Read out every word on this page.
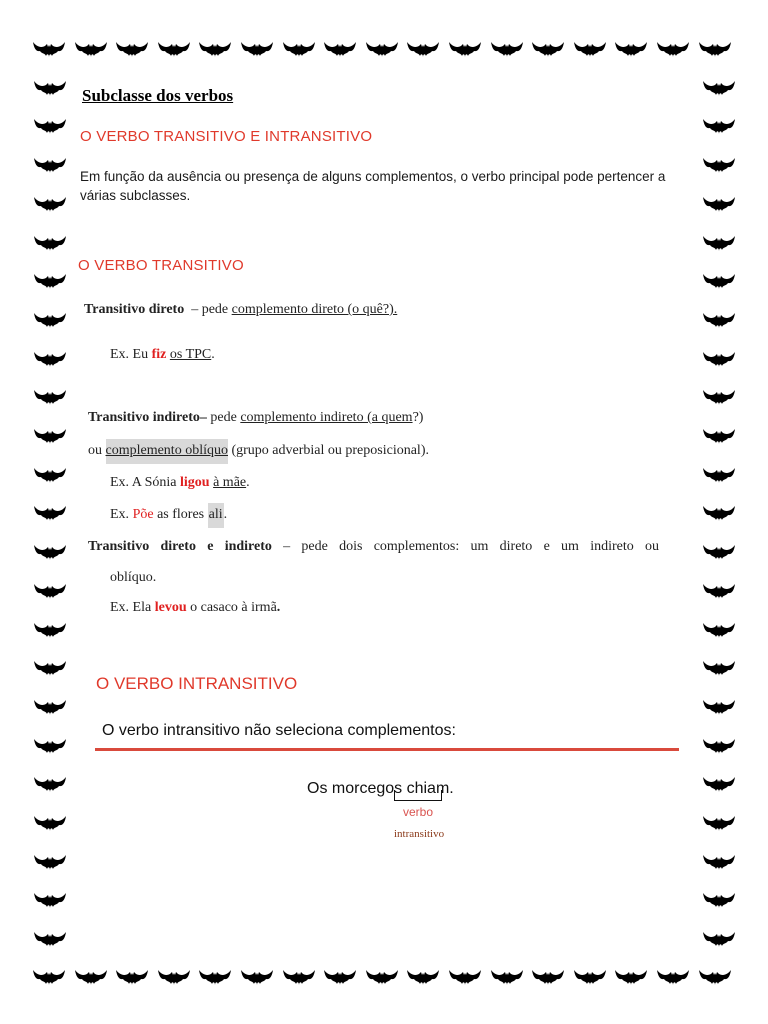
Subclasse dos verbos
O VERBO TRANSITIVO E INTRANSITIVO
Em função da ausência ou presença de alguns complementos, o verbo principal pode pertencer a várias subclasses.
O VERBO TRANSITIVO
Transitivo direto – pede complemento direto (o quê?).
Ex. Eu fiz os TPC.
Transitivo indireto– pede complemento indireto (a quem?)
ou complemento oblíquo (grupo adverbial ou preposicional).
Ex. A Sónia ligou à mãe.
Ex. Põe as flores ali.
Transitivo direto e indireto – pede dois complementos: um direto e um indireto ou
oblíquo.
Ex. Ela levou o casaco à irmã.
O VERBO INTRANSITIVO
O verbo intransitivo não seleciona complementos:
Os morcegos chiam.
verbo
intransitivo
